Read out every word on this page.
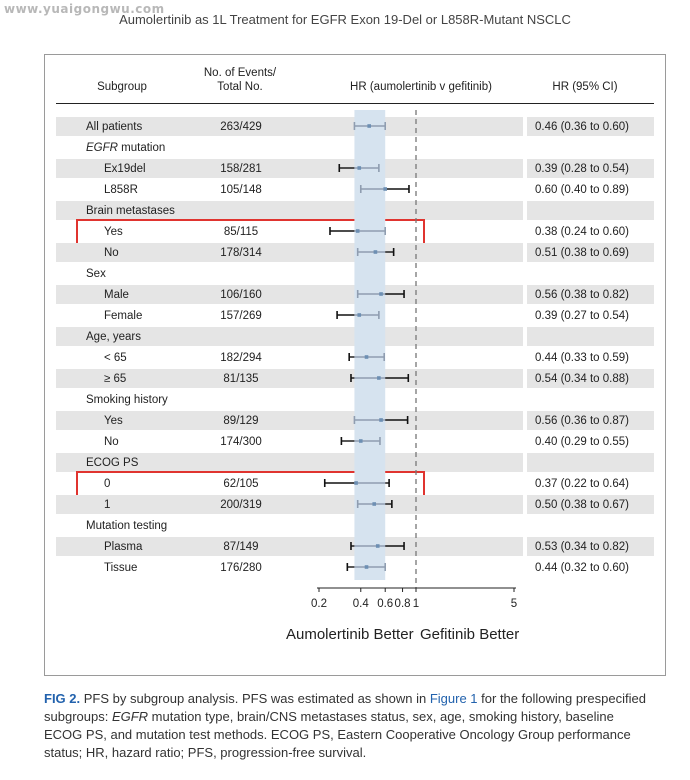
www.yuaigongwu.com
Aumolertinib as 1L Treatment for EGFR Exon 19-Del or L858R-Mutant NSCLC
Subgroup
No. of Events/
Total No.	HR (aumolertinib v gefitinib)	HR (95% CI)
All patients	263/429	0.46 (0.36 to 0.60)
EGFR mutation
Ex19del	158/281	0.39 (0.28 to 0.54)
L858R	105/148	0.60 (0.40 to 0.89)
Brain metastases
Yes	85/115	0.38 (0.24 to 0.60)
No	178/314	0.51 (0.38 to 0.69)
Sex
Male	106/160	0.56 (0.38 to 0.82)
Female	157/269	0.39 (0.27 to 0.54)
Age, years
< 65	182/294	0.44 (0.33 to 0.59)
≥ 65	81/135	0.54 (0.34 to 0.88)
Smoking history
Yes	89/129	0.56 (0.36 to 0.87)
No	174/300	0.40 (0.29 to 0.55)
ECOG PS
0	62/105	0.37 (0.22 to 0.64)
1	200/319	0.50 (0.38 to 0.67)
Mutation testing
Plasma	87/149	0.53 (0.34 to 0.82)
Tissue	176/280	0.44 (0.32 to 0.60)
0.2 0.4 0.6 0.8 1	5
Aumolertinib Better Gefitinib Better
FIG 2. PFS by subgroup analysis. PFS was estimated as shown in Figure 1 for the following prespecified subgroups: EGFR mutation type, brain/CNS metastases status, sex, age, smoking history, baseline ECOG PS, and mutation test methods. ECOG PS, Eastern Cooperative Oncology Group performance status; HR, hazard ratio; PFS, progression-free survival.
